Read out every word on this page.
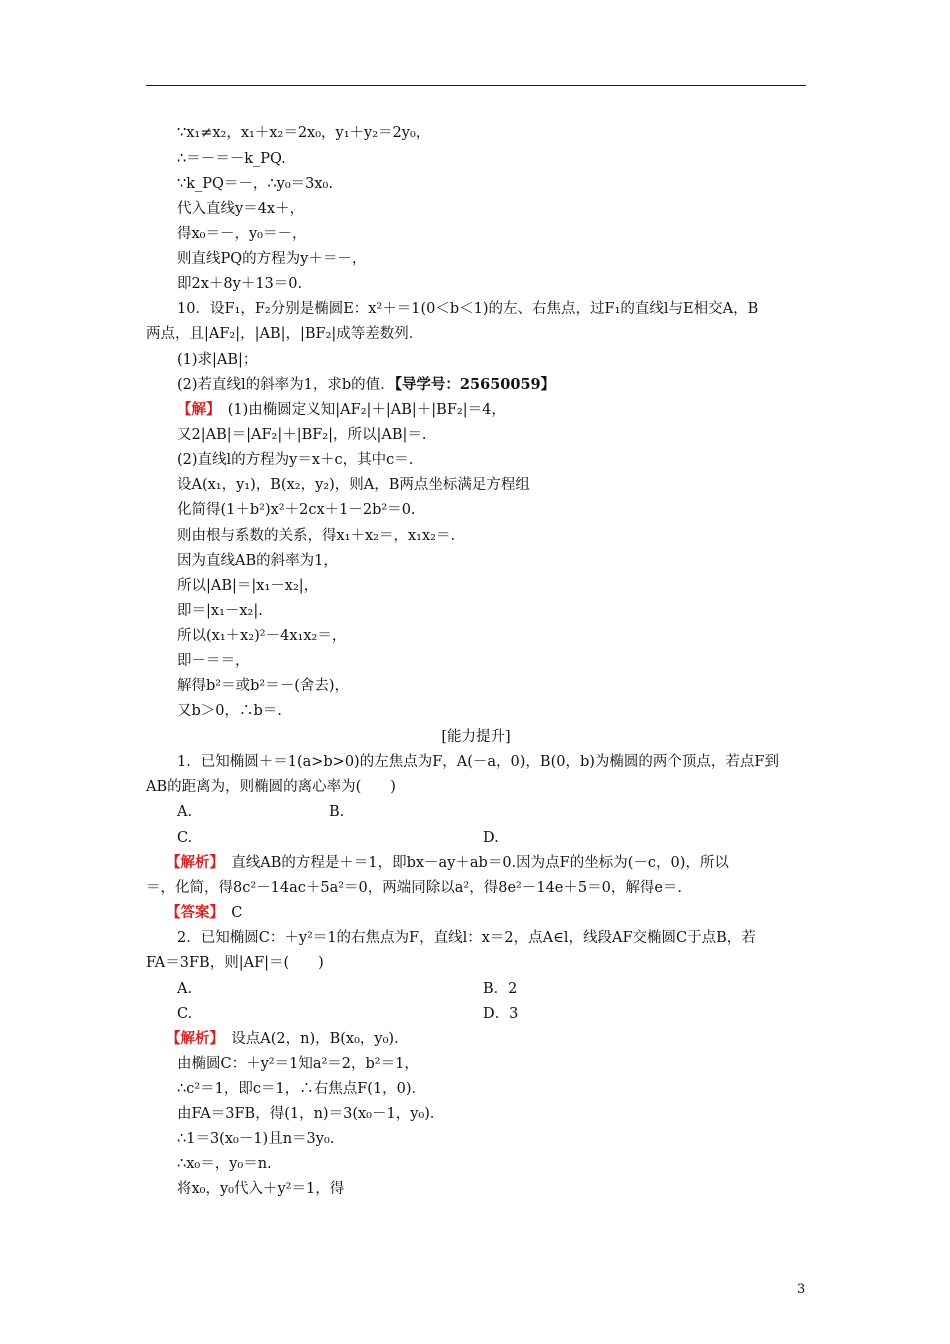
∵x₁≠x₂，x₁＋x₂＝2x₀，y₁＋y₂＝2y₀，
∴＝－＝－k_PQ.
∵k_PQ＝－，∴y₀＝3x₀.
代入直线y＝4x＋，
得x₀＝－，y₀＝－，
则直线PQ的方程为y＋＝－，
即2x＋8y＋13＝0.
10．设F₁，F₂分别是椭圆E：x²＋＝1(0＜b＜1)的左、右焦点，过F₁的直线l与E相交A，B
两点，且|AF₂|，|AB|，|BF₂|成等差数列．
(1)求|AB|；
(2)若直线l的斜率为1，求b的值．【导学号：25650059】
【解】　 (1)由椭圆定义知|AF₂|＋|AB|＋|BF₂|＝4，
又2|AB|＝|AF₂|＋|BF₂|，所以|AB|＝.
(2)直线l的方程为y＝x＋c，其中c＝.
设A(x₁，y₁)，B(x₂，y₂)，则A，B两点坐标满足方程组
化简得(1＋b²)x²＋2cx＋1－2b²＝0.
则由根与系数的关系，得x₁＋x₂＝，x₁x₂＝.
因为直线AB的斜率为1，
所以|AB|＝|x₁－x₂|，
即＝|x₁－x₂|.
所以(x₁＋x₂)²－4x₁x₂＝，
即－＝＝，
解得b²＝或b²＝－(舍去)，
又b＞0，∴b＝.
[能力提升]
1．已知椭圆＋＝1(a>b>0)的左焦点为F，A(－a，0)，B(0，b)为椭圆的两个顶点，若点F到
AB的距离为，则椭圆的离心率为(　　)
A.	B.
C.	D.
【解析】　 直线AB的方程是＋＝1，即bx－ay＋ab＝0.因为点F的坐标为(－c，0)，所以
＝，化简，得8c²－14ac＋5a²＝0，两端同除以a²，得8e²－14e＋5＝0，解得e＝.
【答案】　 C
2．已知椭圆C：＋y²＝1的右焦点为F，直线l：x＝2，点A∈l，线段AF交椭圆C于点B，若
FA＝3FB，则|AF|＝(　　)
A.	B．2
C.	D．3
【解析】　 设点A(2，n)，B(x₀，y₀)．
由椭圆C：＋y²＝1知a²＝2，b²＝1，
∴c²＝1，即c＝1，∴右焦点F(1，0)．
由FA＝3FB，得(1，n)＝3(x₀－1，y₀)．
∴1＝3(x₀－1)且n＝3y₀.
∴x₀＝，y₀＝n.
将x₀，y₀代入＋y²＝1，得
3
